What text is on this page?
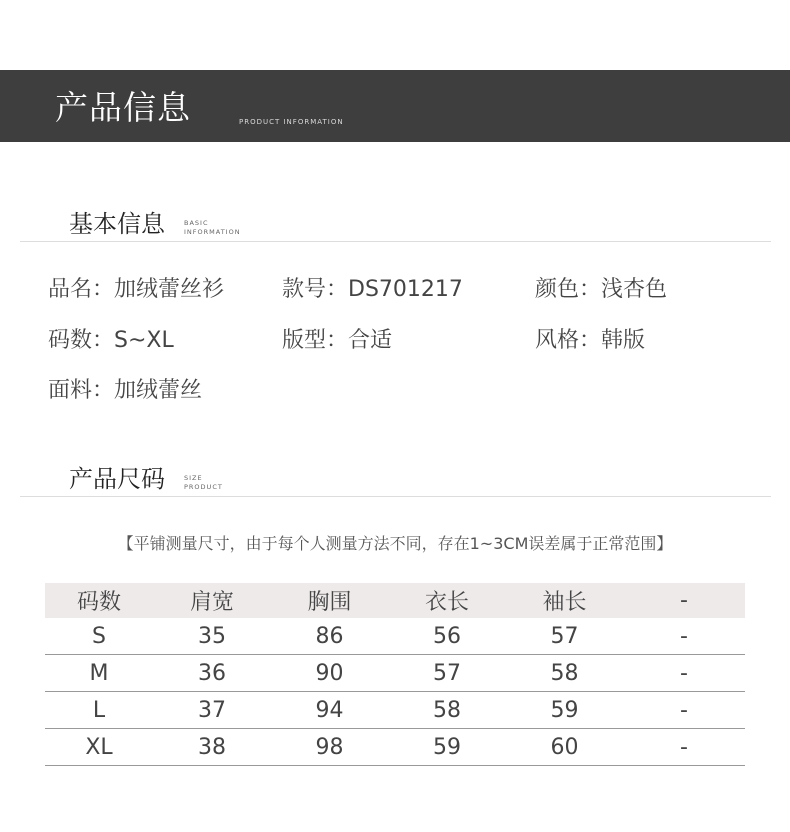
产品信息	PRODUCT INFORMATION
基本信息	BASIC
INFORMATION
品名：加绒蕾丝衫	款号：DS701217	颜色：浅杏色
码数：S~XL	版型：合适	风格：韩版
面料：加绒蕾丝
产品尺码	SIZE
PRODUCT
【平铺测量尺寸，由于每个人测量方法不同，存在1~3CM误差属于正常范围】
码数	肩宽	胸围	衣长	袖长	-
S	35	86	56	57	-
M	36	90	57	58	-
L	37	94	58	59	-
XL	38	98	59	60	-
